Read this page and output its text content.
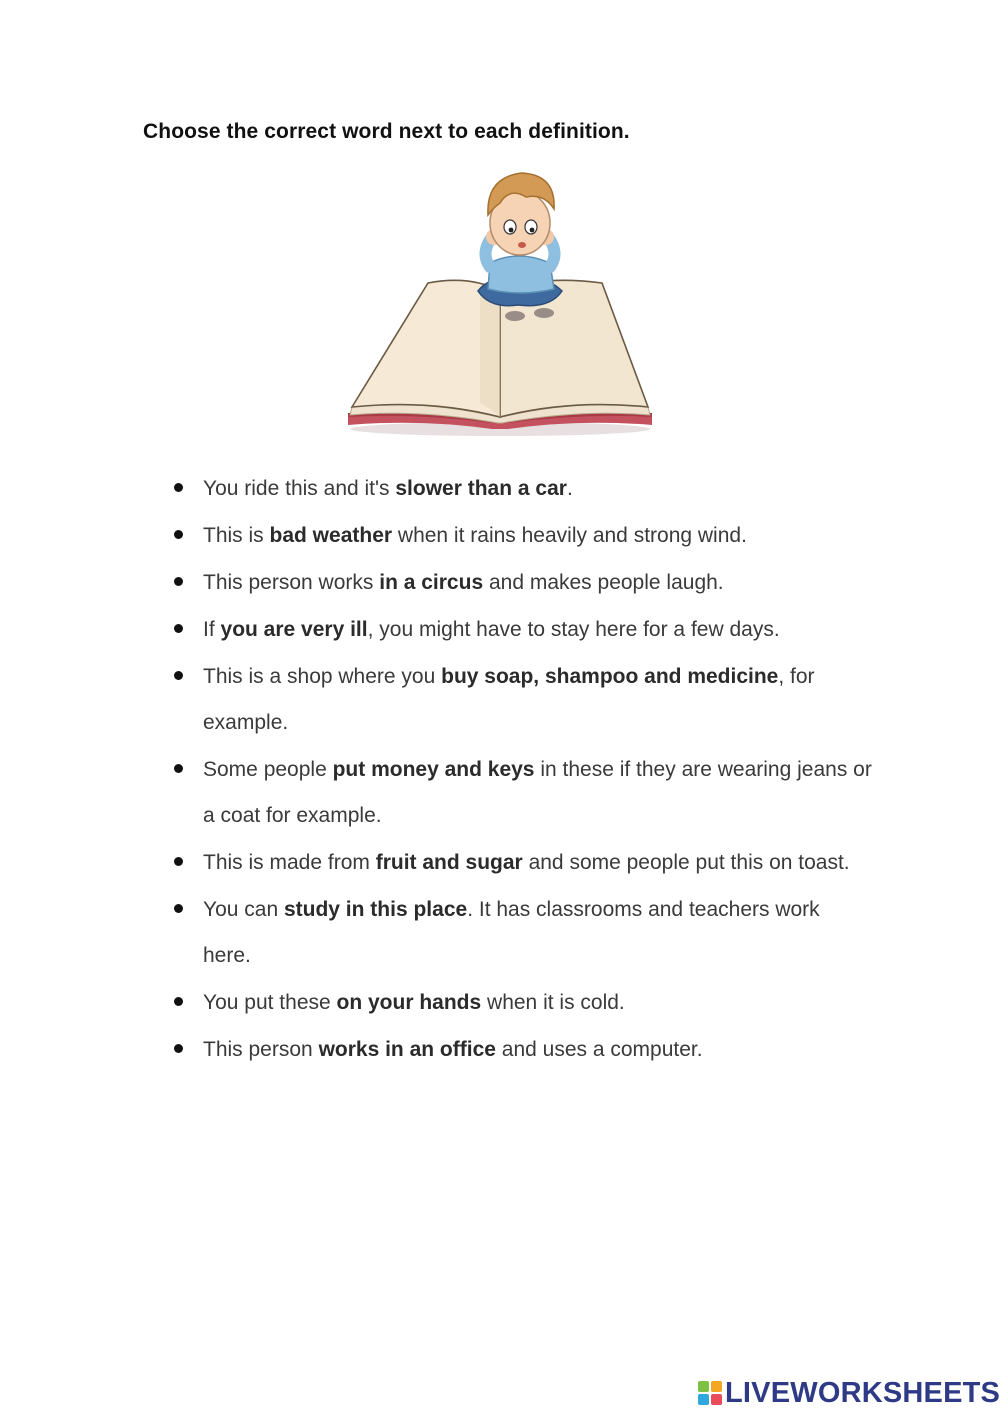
Choose the correct word next to each definition.

You ride this and it's slower than a car.
This is bad weather when it rains heavily and strong wind.
This person works in a circus and makes people laugh.
If you are very ill, you might have to stay here for a few days.
This is a shop where you buy soap, shampoo and medicine, for example.
Some people put money and keys in these if they are wearing jeans or a coat for example.
This is made from fruit and sugar and some people put this on toast.
You can study in this place. It has classrooms and teachers work here.
You put these on your hands when it is cold.
This person works in an office and uses a computer.
LIVEWORKSHEETS
